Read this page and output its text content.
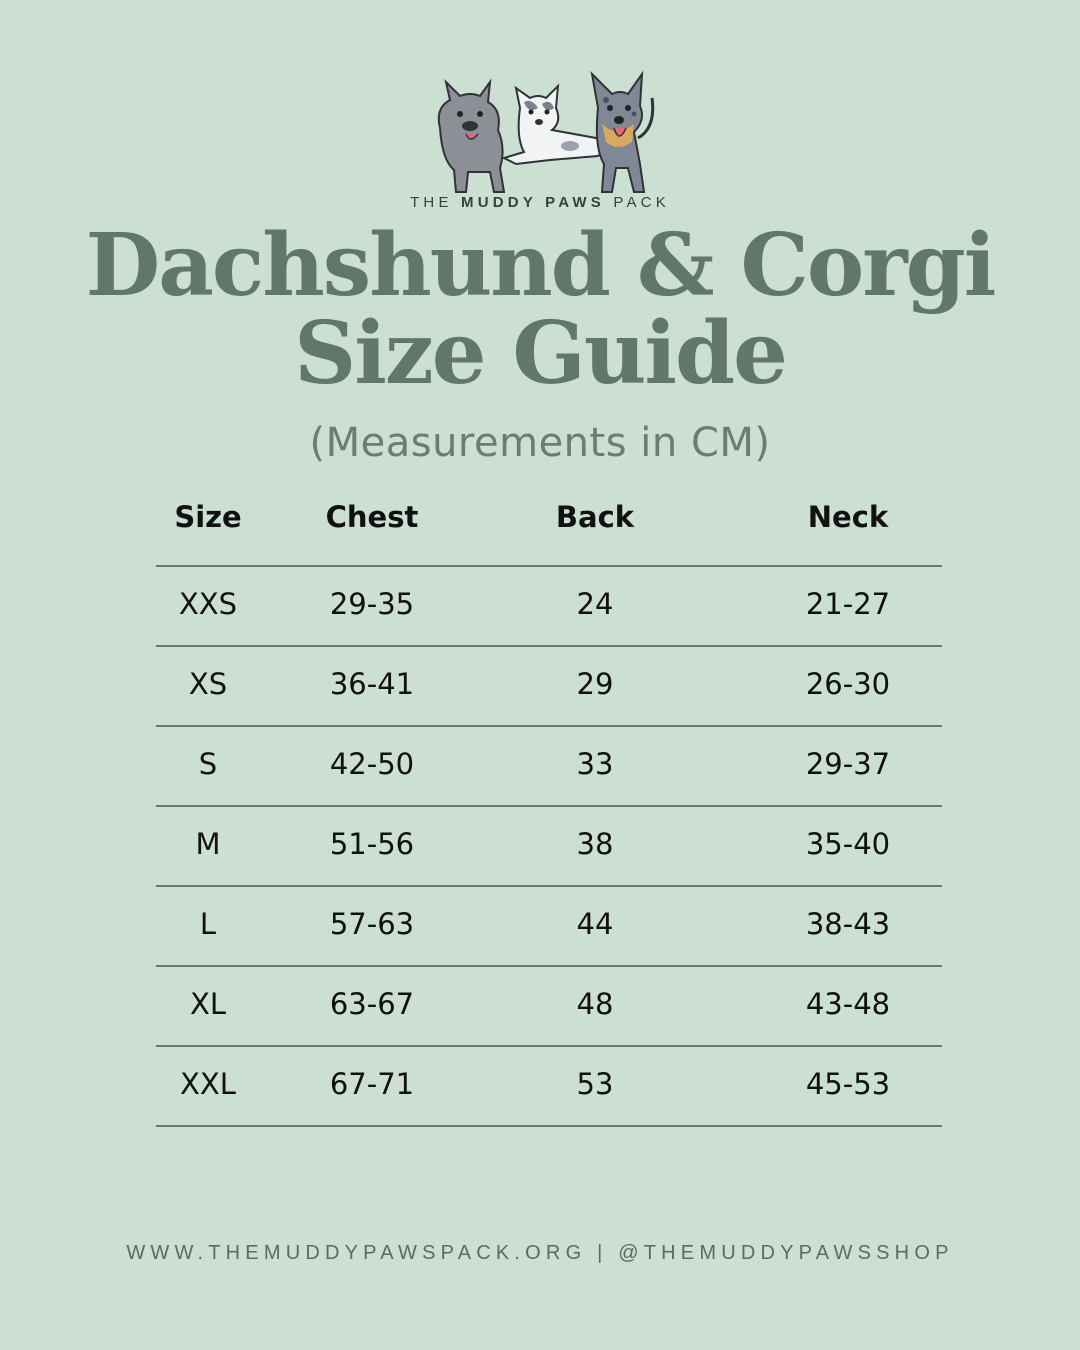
THE MUDDY PAWS PACK
Dachshund & Corgi
Size Guide
(Measurements in CM)
Size	Chest	Back	Neck
XXS	29-35	24	21-27
XS	36-41	29	26-30
S	42-50	33	29-37
M	51-56	38	35-40
L	57-63	44	38-43
XL	63-67	48	43-48
XXL	67-71	53	45-53
WWW.THEMUDDYPAWSPACK.ORG | @THEMUDDYPAWSSHOP
